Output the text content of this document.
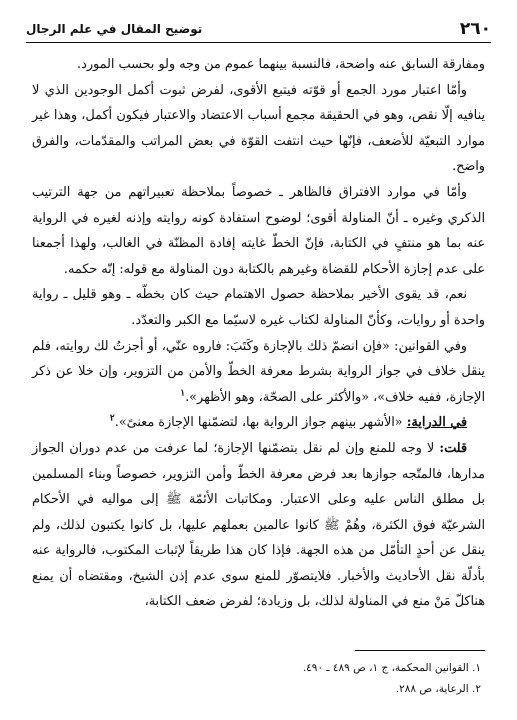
٢٦٠
توضيح المقال في علم الرجال

ومفارقة السابق عنه واضحة، فالنسبة بينهما عموم من وجه ولو بحسب المورد.

وأمّا اعتبار مورد الجمع أو قوّته فيتبع الأقوى، لفرض ثبوت أكمل الوجودين الذي لا ينافيه إلّا نقص، وهو في الحقيقة مجمع أسباب الاعتضاد والاعتبار فيكون أكمل، وهذا غير موارد التبعيّة للأضعف، فإنّها حيث انتفت القوّة في بعض المراتب والمقدّمات، والفرق واضح.

وأمّا في موارد الافتراق فالظاهر ـ خصوصاً بملاحظة تعبيراتهم من جهة الترتيب الذكري وغيره ـ أنّ المناولة أقوى؛ لوضوح استفادة كونه روايته وإذنه لغيره في الرواية عنه بما هو منتفٍ في الكتابة، فإنّ الخطّ غايته إفادة المظنّة في الغالب، ولهذا أجمعنا على عدم إجازة الأحكام للقضاة وغيرهم بالكتابة دون المناولة مع قوله: إنّه حكمه.

نعم، قد يقوى الأخير بملاحظة حصول الاهتمام حيث كان بخطّه ـ وهو قليل ـ رواية واحدة أو روايات، وكأنّ المناولة لكتاب غيره لاسيّما مع الكبر والتعدّد.

وفي القوانين: «فإن انضمّ ذلك بالإجازة وكَتَبَ: فاروه عنّي، أو أجزتُ لك روايته، فلم ينقل خلاف في جواز الرواية بشرط معرفة الخطّ والأمن من التزوير، وإن خلا عن ذكر الإجازة، ففيه خلاف»، «والأكثر على الصحّة، وهو الأظهر».$^١$

في الدراية: «الأشهر بينهم جواز الرواية بها، لتضمّنها الإجازة معنىً».$^٢$

قلت: لا وجه للمنع وإن لم نقل بتضمّنها الإجازة؛ لما عرفت من عدم دوران الجواز مدارها، فالمتّجه جوازها بعد فرض معرفة الخطّ وأمن التزوير، خصوصاً وبناء المسلمين بل مطلق الناس عليه وعلى الاعتبار. ومكاتبات الأئمّة ﷺ إلى مواليه في الأحكام الشرعيّة فوق الكثرة، وهُمْ ﷺ كانوا عالمين بعملهم عليها، بل كانوا يكتبون لذلك، ولم ينقل عن أحدٍ التأمّل من هذه الجهة. فإذا كان هذا طريقاً لإثبات المكتوب، فالرواية عنه بأدلّة نقل الأحاديث والأخبار. فلايتصوّر للمنع سوى عدم إذن الشيخ، ومقتضاه أن يمنع هناكلّ مَنْ منع في المناولة لذلك، بل وزيادة؛ لفرض ضعف الكتابة،

١. القوانين المحكمة، ج ١، ص ٤٨٩ ـ ٤٩٠.

٢. الرعاية، ص ٢٨٨.
